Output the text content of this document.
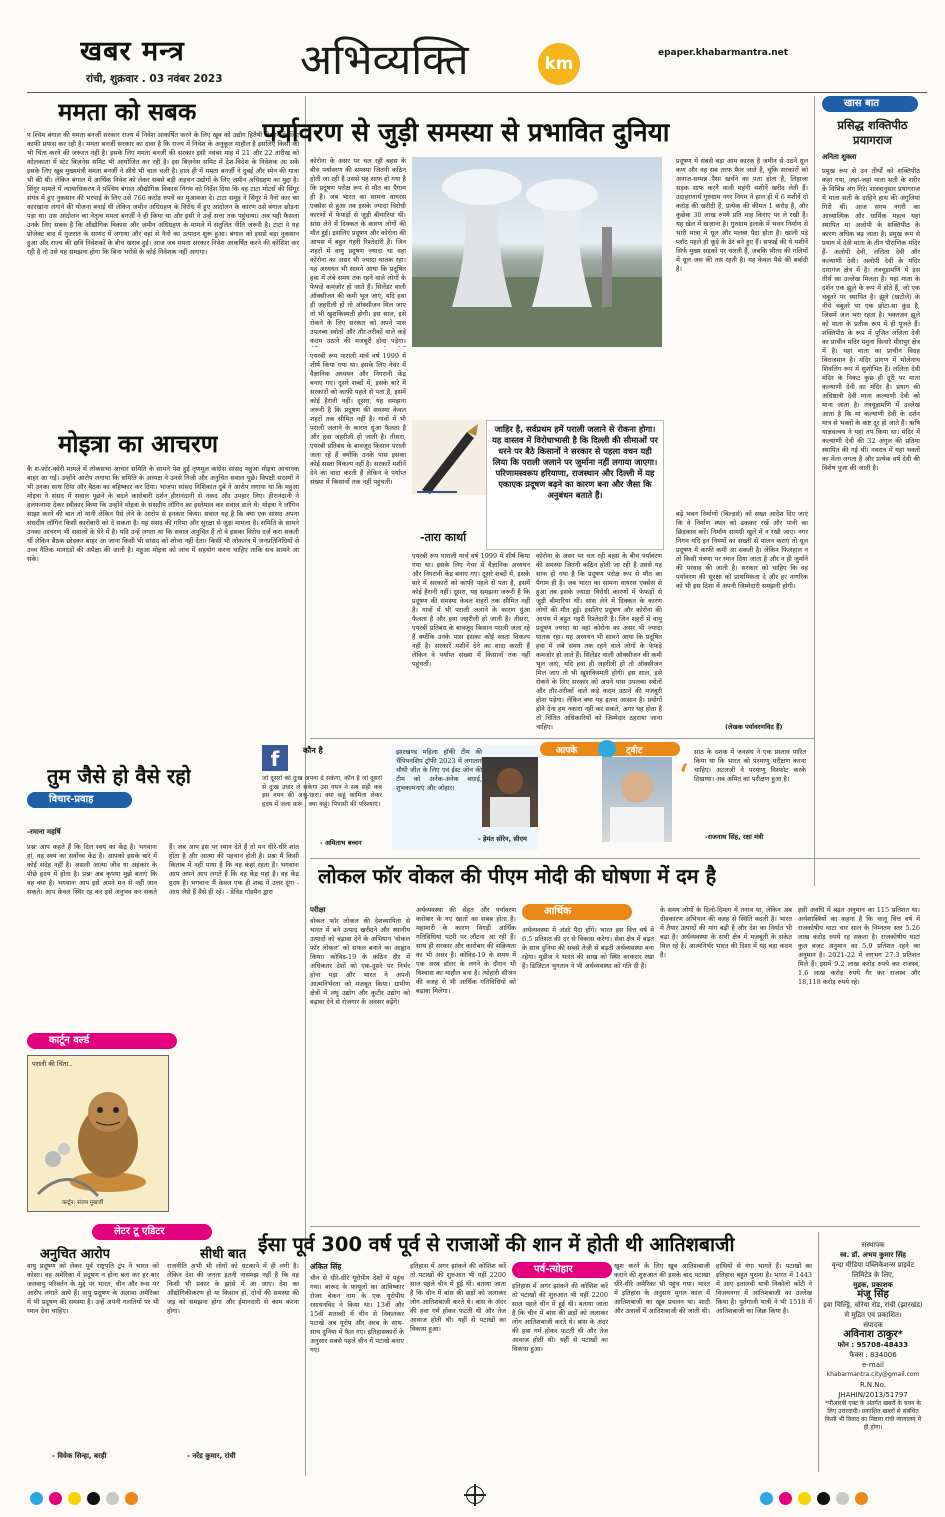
खबर मन्त्र
रांची, शुक्रवार . 03 नवंबर 2023 अभिव्यक्ति	km
epaper.khabarmantra.net
ममता को सबक
प श्चिम बंगाल की ममता बनर्जी सरकार राज्य में निवेश आकर्षित करने के लिए खूब को उद्योग हितैषी दिखाने के लिए काफी प्रयास कर रही है। ममता बनर्जी सरकार का दावा है कि राज्य में निवेश के अनुकूल माहौल है इसलिए किसी को भी चिंता करने की जरूरत नहीं है। इसके लिए ममता बनर्जी की सरकार इसी नवंबर माह में 21 और 22 तारीख को कोलकाता में स्टेट बिज़नेस समिट भी आयोजित कर रही है। इस बिज़नेस समिट में देश-विदेश के निवेशक आ सकें इसके लिए खूब मुख्यमंत्री ममता बनर्जी ने सीधे भी चाल चली है। हाल ही में ममता बनर्जी ने दुबई और स्पेन की यात्रा भी की थी। लेकिन बंगाल में आर्थिक निवेश को लेकर सबसे बड़ी अड़चन उद्योगों के लिए जमीन अधिग्रहण का मुद्दा है। सिंगूर मामले में न्यायाधिकरण ने पश्चिम बंगाल औद्योगिक विकास निगम को निर्देश दिया कि वह टाटा मोटर्स की सिंगूर संयंत्र में हुए नुकसान की भरपाई के लिए उसे 766 करोड़ रुपये का मुआवजा दे। टाटा समूह ने सिंगूर में नैनो कार का कारखाना लगाने की योजना बनाई थी लेकिन जमीन अधिग्रहण के विरोध में हुए आंदोलन के कारण उसे बंगाल छोड़ना पड़ा था। उस आंदोलन का नेतृत्व ममता बनर्जी ने ही किया था और इसी ने उन्हें सत्ता तक पहुंचाया। अब यही फैसला उनके लिए सबक है कि औद्योगिक विकास और जमीन अधिग्रहण के मामले में संतुलित नीति जरूरी है। टाटा ने यह प्रोजेक्ट बाद में गुजरात के साणंद में लगाया और वहां से नैनो का उत्पादन शुरू हुआ। बंगाल को इससे बड़ा नुकसान हुआ और राज्य की छवि निवेशकों के बीच खराब हुई। आज जब ममता सरकार निवेश आकर्षित करने की कोशिश कर रही है तो उसे यह समझना होगा कि बिना भरोसे के कोई निवेशक नहीं आएगा।
मोइत्रा का आचरण
कै श-फॉर-क्वेरी मामले में लोकसभा आचार समिति के सामने पेश हुईं तृणमूल कांग्रेस सांसद महुआ मोइत्रा आचानक बाहर आ गईं। उन्होंने आरोप लगाया कि समिति के अध्यक्ष ने उनसे निजी और अनुचित सवाल पूछे। विपक्षी सदस्यों ने भी उनका साथ दिया और बैठक का बहिष्कार कर दिया। भाजपा सांसद निशिकांत दुबे ने आरोप लगाया था कि महुआ मोइत्रा ने संसद में सवाल पूछने के बदले कारोबारी दर्शन हीरानंदानी से नकद और उपहार लिए। हीरानंदानी ने हलफनामा देकर स्वीकार किया कि उन्होंने मोइत्रा के संसदीय लॉगिन का इस्तेमाल कर सवाल डाले थे। मोइत्रा ने लॉगिन साझा करने की बात तो मानी लेकिन पैसे लेने के आरोप से इनकार किया। सवाल यह है कि क्या एक सांसद अपना संसदीय लॉगिन किसी कारोबारी को दे सकता है। यह संसद की गरिमा और सुरक्षा से जुड़ा मामला है। समिति के सामने उनका आचरण भी सवालों के घेरे में है। यदि उन्हें लगता था कि सवाल अनुचित हैं तो वे इसका विरोध दर्ज करा सकती थीं लेकिन बैठक छोड़कर बाहर आ जाना किसी भी सांसद को शोभा नहीं देता। किसी भी लोकतंत्र में जनप्रतिनिधियों से उच्च नैतिक मानदंडों की अपेक्षा की जाती है। महुआ मोइत्रा को जांच में सहयोग करना चाहिए ताकि सच सामने आ सके।
तुम जैसे हो वैसे रहो
विचार-प्रवाह
-रमाना महर्षि
प्रश्नः आप कहते हैं कि दिल स्वयं का केंद्र है। भगवानः हां, वह स्वयं का सर्वोच्च केंद्र है। आपको इसके बारे में कोई संदेह नहीं है। असली आत्मा जीव या अहंकार के पीछे हृदय में होता है। प्रश्नः अब कृपया मुझे बताएं कि वह क्या है। भगवानः आप इसे अपने मन से नहीं जान सकते। आप केवल स्थिर रह कर इसे अनुभव कर सकते हैं। जब आप इस पर ध्यान देते हैं तो मन धीरे-धीरे शांत होता है और आत्मा की पहचान होती है। प्रश्नः मैं किसी किताब में नहीं पाया है कि वह कहां रहता है। भगवानः आप अपने आप लगते हैं कि वह केंद्र यहां है। वह केंद्र हृदय है। भगवानः मैं केवल एक ही शब्द में उत्तर दूंगा - आप जैसे हैं वैसे ही रहें। - डेविड गॉडमैन द्वारा
कार्टून वर्ल्ड
पराली की चिंता..
कार्टून: संजय मुखर्जी
लेटर टू एडिटर
अनुचित आरोप
वायु प्रदूषण को लेकर पूर्व राष्ट्रपति ट्रंप ने भारत को कोसा। वह अमेरिका में प्रदूषण न होना बता कर हर बार जलवायु परिवर्तन के मुद्दे पर भारत, चीन और रूस पर आरोप लगाते आये हैं। वायु प्रदूषण के अलावा अमेरिका में भी प्रदूषण की समस्या है। उन्हें अपनी गलतियों पर भी ध्यान देना चाहिए।
- विवेक सिन्हा, बरही
सीधी बात
राजनीति अभी भी लोगों को धटकाने में ही लगी है। लेकिन देश की जनता इतनी नासमझ नहीं है कि वह किसी भी प्रकार के झांसे में आ जाए। देश का औद्योगिकीकरण हो या किसान हो, दोनों की समस्या की जड़ को समझना होगा और ईमानदारी से काम करना होगा।
- नरेंद्र कुमार, रांची
पर्यावरण से जुड़ी समस्या से प्रभावित दुनिया
कोरोना के असर पर चल रही बहस के बीच पर्यावरण की समस्या जितनी कठिन होती जा रही है उससे यह साफ हो गया है कि प्रदूषण परोक्ष रूप से मौत का पैगाम ही है। जब भारत का सामना वायरस एक्सेस से हुआ तब इसके ज्यादा विरोधी कारणों में फेफड़ों से जुड़ी बीमारियां थीं। सांस लेने में दिक्कत के कारण लोगों की मौत हुई। इसलिए प्रदूषण और कोरोना की आपस में बहुत गहरी रिश्तेदारी है। जिन शहरों में वायु प्रदूषण ज्यादा था वहां कोरोना का असर भी ज्यादा घातक रहा। यह अध्ययन भी सामने आया कि प्रदूषित हवा में लंबे समय तक रहने वाले लोगों के फेफड़े कमजोर हो जाते हैं। सिलेंडर वाली ऑक्सीजन की कमी भूल जाएं, यदि हवा ही जहरीली हो तो ऑक्सीजन मिल जाए तो भी खुशकिस्मती होगी। इस साल, इसे रोकने के लिए सरकार को अपने पास उपलब्ध स्त्रोतों और तौर-तरीकों वाले कड़े कदम उठाने की मजबूरी होना पड़ेगा।
एयरबी रूप पाराली मार्च वर्ष 1999 में शीर्ष किया गया था। इसके लिए नेचर में वैज्ञानिक अध्ययन और निगरानी केंद्र बनाए गए। दूसरे शब्दों में, इसके बारे में सरकारों को काफी पहले से पता है, इसमें कोई हैरानी नहीं। दूसरा, यह समझना जरूरी है कि प्रदूषण की समस्या केवल शहरों तक सीमित नहीं है। गांवों में भी पराली जलाने के कारण धुंआ फैलता है और हवा जहरीली हो जाती है। तीसरा, एयरबी प्रतिबंध के बावजूद किसान पराली जला रहे हैं क्योंकि उनके पास इसका कोई सस्ता विकल्प नहीं है। सरकारें मशीनें देने का वादा करती हैं लेकिन वे पर्याप्त संख्या में किसानों तक नहीं पहुंचतीं।
जाहिर है, सर्वप्रथम हमें पराली जलाने से रोकना होगा। यह वास्तव में विरोधाभासी है कि दिल्ली की सीमाओं पर धरने पर बैठे किसानों ने सरकार से पहला वचन यही लिया कि पराली जलाने पर जुर्माना नहीं लगाया जाएगा। परिणामस्वरूप हरियाणा, राजस्थान और दिल्ली में यह एकाएक प्रदूषण बढ़ने का कारण बना और जैसा कि अनुबंधन बताते हैं।
-तारा कार्था
एयरबी रूप पाराली मार्च वर्ष 1999 में शीर्ष किया गया था। इसके लिए नेचर में वैज्ञानिक अध्ययन और निगरानी केंद्र बनाए गए। दूसरे शब्दों में, इसके बारे में सरकारों को काफी पहले से पता है, इसमें कोई हैरानी नहीं। दूसरा, यह समझना जरूरी है कि प्रदूषण की समस्या केवल शहरों तक सीमित नहीं है। गांवों में भी पराली जलाने के कारण धुंआ फैलता है और हवा जहरीली हो जाती है। तीसरा, एयरबी प्रतिबंध के बावजूद किसान पराली जला रहे हैं क्योंकि उनके पास इसका कोई सस्ता विकल्प नहीं है। सरकारें मशीनें देने का वादा करती हैं लेकिन वे पर्याप्त संख्या में किसानों तक नहीं पहुंचतीं।
प्रदूषण में सबसे बड़ा आम कारक है जमीन से उठने धूल कण और वह सब तरफ फैल जाते हैं, चूंकि सरकारों को अनाज-सम्पन्न पैसा खर्चने का पता होता है, लिहाजा सड़क साफ करने वाली महंगी मशीनें खरीद लेती हैं। उदाहरणार्थ गुरुग्राम नगर निगम ने हाल ही में 6 मशीनें दो करोड़ की खरीदी हैं, प्रत्येक की कीमत 1 करोड़ है, और कुछेक 30 लाख रुपये प्रति माह किराए पर ले रखी हैं। यह खेल में खज़ाना है। गुरुग्राम इलाके में भवन निर्माण से भारी मात्रा में धूल और मलबा पैदा होता है। खाली पड़े प्लॉट पहले ही कूड़े के ढेर बने हुए हैं। सफाई की ये मशीनें सिर्फ मुख्य सड़कों पर चलती हैं, जबकि भीतर की गलियों में धूल जस की तस रहती है। यह केवल पैसे की बर्बादी है।
कोरोना के असर पर चल रही बहस के बीच पर्यावरण की समस्या जितनी कठिन होती जा रही है उससे यह साफ हो गया है कि प्रदूषण परोक्ष रूप से मौत का पैगाम ही है। जब भारत का सामना वायरस एक्सेस से हुआ तब इसके ज्यादा विरोधी कारणों में फेफड़ों से जुड़ी बीमारियां थीं। सांस लेने में दिक्कत के कारण लोगों की मौत हुई। इसलिए प्रदूषण और कोरोना की आपस में बहुत गहरी रिश्तेदारी है। जिन शहरों में वायु प्रदूषण ज्यादा था वहां कोरोना का असर भी ज्यादा घातक रहा। यह अध्ययन भी सामने आया कि प्रदूषित हवा में लंबे समय तक रहने वाले लोगों के फेफड़े कमजोर हो जाते हैं। सिलेंडर वाली ऑक्सीजन की कमी भूल जाएं, यदि हवा ही जहरीली हो तो ऑक्सीजन मिल जाए तो भी खुशकिस्मती होगी। इस साल, इसे रोकने के लिए सरकार को अपने पास उपलब्ध स्त्रोतों और तौर-तरीकों वाले कड़े कदम उठाने की मजबूरी होना पड़ेगा। लेकिन क्या यह इतना आसान है। प्रयोगों होने देना हम नकारा नहीं कर सकते, अगर यह होता है तो चिंतित अधिकारियों को जिम्मेदार ठहराया जाना चाहिए।
बढ़े भवन निर्माणों (बिल्डर्स) को सख्त आदेश दिए जाएं कि वे निर्माण स्थल को ढककर रखें और पानी का छिड़काव करें। निर्माण सामग्री खुले में न रखी जाए। नगर निगम यदि इन नियमों का सख्ती से पालन कराएं तो धूल प्रदूषण में काफी कमी आ सकती है। लेकिन फिलहाल न तो किसी यंत्रणा पर ध्यान दिया जाता है और न ही जुर्माने की परवाह की जाती है। सरकार को चाहिए कि वह पर्यावरण की सुरक्षा को प्राथमिकता दे और हर नागरिक को भी इस दिशा में अपनी जिम्मेदारी समझनी होगी।
(लेखक पर्यावरणविद हैं)
f	कौन है
जो दूसरों को दुःख अपना दे सकेगा, कौन है जो दूसरों से दुःख उधार ले सकेगा उस नयन ने सब सही कब इस नयन की अश्रु-धारा। क्या कहूं कामिता लेकर हृदय में जला करूं , क्या कहूं। पिपासी की परिश्याएं।
- अमिताभ बच्चन
आपके	ट्वीट
झारखण्ड महिला हॉकी टीम की चैंपियनशिप ट्रॉफी 2023 में लगातार चौथी जीत के लिए एवं ईस्ट जोन की टीम को अनेक-अनेक बधाई, शुभकामनाएं और जोहार।
- हेमंत सोरेन, सीएम
‘
साठ के दशक में जनसंघ ने एक प्रस्ताव पारित किया था कि भारत को परमाणु परीक्षण करना चाहिए। अटलजी ने परमाणु विस्फोट करके दिखाया। अब अमित का परीक्षण हुआ है।
-राजनाथ सिंह, रक्षा मंत्री
खास बात
प्रसिद्ध शक्तिपीठ प्रयागराज
अनिता शुक्ला
प्रमुख रूप से उन तीर्थों को शक्तिपीठ कहा गया, जहां-जहां माता सती के शरीर के विभिन्न अंग गिरे। शास्त्रानुसार प्रयागराज में माता सती के दाहिने हाथ की अंगुलियां गिरी थीं। आज संगम नगरी का आध्यात्मिक और धार्मिक महत्व यहां स्थापित मां अलोपी के शक्तिपीठ के कारण अधिक बढ़ जाता है। प्रमुख रूप से प्रयाग में देवी माता के तीन पौराणिक मंदिर हैं- अलोपी देवी, ललिता देवी और कल्याणी देवी। अलोपी देवी के मंदिर दारागंज क्षेत्र में है। तंत्रचूड़ामणि में इस तीर्थ का उल्लेख मिलता है। यहां माता के दर्शन एक झूले के रूप में होते हैं, जो एक चबूतरे पर स्थापित है। झूले (खटोले) के नीचे चबूतरे पर एक छोटा-सा कुंड है, जिसमें जल भरा रहता है। भक्तजन झूले को माता के प्रतीक रूप में ही पूजते हैं। शक्तिपीठ के रूप में पूजित ललिता देवी का प्राचीन मंदिर यमुना किनारे मीरापुर क्षेत्र में है। यहां माता का प्राचीन विग्रह विराजमान है। मंदिर प्रांगण में भोलेनाथ शिवलिंग रूप में सुशोभित हैं। ललिता देवी मंदिर के निकट कुछ ही दूरी पर माता कल्याणी देवी का मंदिर है। प्रयाग की अधिष्ठात्री देवी माता कल्याणी देवी को माना जाता है। तंत्रचूड़ामणि में उल्लेख आता है कि मां कल्याणी देवी के दर्शन मात्र से भक्तों के कष्ट दूर हो जाते हैं। ऋषि याज्ञवल्क्य ने यहां तप किया था। मंदिर में कल्याणी देवी की 32 अंगुल की प्रतिमा स्थापित की गई थी। नवरात्र में यहां भक्तों का मेला लगता है और प्रत्येक वर्ष देवी की विशेष पूजा की जाती है।
लोकल फॉर वोकल की पीएम मोदी की घोषणा में दम है
परीक्षा
वोकल फॉर लोकल की देशव्यापिता से भारत में बने उत्पाद खरीदने और स्थानीय उत्पादों को बढ़ावा देने के अभियान 'वोकल फॉर लोकल' को सफल बनाने का आह्वान किया। कोविड-19 के कठिन दौर में अधिकतर देशों को एक-दूसरे पर निर्भर होना पड़ा और भारत ने अपनी आत्मनिर्भरता को मजबूत किया। ग्रामीण क्षेत्रों में लघु उद्योग और कुटीर उद्योग को बढ़ावा देने से रोजगार के अवसर बढ़ेंगे।
अर्थव्यवस्था की सेहत और पर्यावरण करोबार के नए खातों का सबब होता है। महामारी के कारण विगड़ी आर्थिक गतिविधियां पटरी पर लौटना आ रही हैं। साथ ही सरकार और कारोबार की सक्रियता का भी असर है। कोविड-19 के समय में एक अरब डॉलर के लगने के दौरान भी विश्वास का माहौल बना है। त्योहारी सीजन की वजह से भी आर्थिक गतिविधियों को बढ़ावा मिलेगा।
आर्थिक
अर्थव्यवस्था में अंडरे पैदा होंगे। भारत इस वित्त वर्ष में 6.5 प्रतिशत की दर से विकास करेगा। सेवा क्षेत्र में बढ़त के साथ दुनिया की सबसे तेजी से बढ़ती अर्थव्यवस्था बना रहेगा। मूडीज ने भारत की साख को स्थिर बरकरार रखा है। डिजिटल भुगतान ने भी अर्थव्यवस्था को गति दी है।
के समय लोगों के दिलो-दिमाग में तनाव था, लेकिन अब दीवकारण अभियान की वजह से स्थिति बदली है। भारत में तैयार उत्पादों की मांग बढ़ी है और देश का निर्यात भी बढ़ा है। अर्थव्यवस्था के सभी क्षेत्र में मजबूती के संकेत मिल रहे हैं। आत्मनिर्भर भारत की दिशा में यह बड़ा कदम है।
इसी अवधि में बढ़त अनुमान का 115 प्रतिशत था। अर्थशास्त्रियों का कहना है कि चालू वित्त वर्ष में राजकोषीय घाटा चार साल के निम्नतम स्तर 5.26 लाख करोड़ रुपये रह सकता है। राजकोषीय घाटा कुल बजट अनुमान का 5.9 प्रतिशत रहने का अनुमान है। 2021-22 में लगभग 27.3 प्रतिशत मिले हैं। इसमें 9.2 लाख करोड़ रुपये कर राजस्व, 1.6 लाख करोड़ रुपये गैर कर राजस्व और 18,118 करोड़ रुपये रहे।
ईसा पूर्व 300 वर्ष पूर्व से राजाओं की शान में होती थी आतिशबाजी
अंकित सिंह
चीन से धीरे-धीरे यूरोपीय देशों में पहुंच गया। बारूद के फायूलों का आविष्कार रोजर बेकन नाम के एक यूरोपीय रसायनविद ने किया था। 13वीं और 15वीं शताब्दी में चीन से निकलकर पटाखे अब यूरोप और अरब के साथ-साथ दुनिया में फैल गए। इतिहासकारों के अनुसार सबसे पहले चीन में पटाखे बनाए गए।
इतिहास में अगर झांकने की कोशिश करें तो पटाखों की शुरुआत भी यहीं 2200 साल पहले चीन में हुई थी। बताया जाता है कि चीन में बांस की छड़ों को जलाकर लोग आतिशबाजी करते थे। बांस के अंदर की हवा गर्म होकर फटती थी और तेज आवाज होती थी। यहीं से पटाखों का विकास हुआ।
पर्व-त्योहार
इतिहास में अगर झांकने की कोशिश करें तो पटाखों की शुरुआत भी यहीं 2200 साल पहले चीन में हुई थी। बताया जाता है कि चीन में बांस की छड़ों को जलाकर लोग आतिशबाजी करते थे। बांस के अंदर की हवा गर्म होकर फटती थी और तेज आवाज होती थी। यहीं से पटाखों का विकास हुआ।
खुश करने के लिए खूब आतिशबाजी कराने की शुरुआत की इसके बाद पटाखा धीरे-धीरे अमेरिका भी पहुंच गया। भारत में इतिहास के अनुसार मुगल काल में आतिशबाजी का खूब प्रचलन था। शादी और उत्सवों में आतिशबाजी की जाती थी।
हाथियों से नंगा भागते हैं। पटाखों का इतिहास बहुत पुराना है। भारत में 1443 में आए इतालवी यात्री निकोलो कोंटी ने विजयनगर में आतिशबाजी का उल्लेख किया है। पुर्तगाली यात्री ने भी 1518 में आतिशबाजी का जिक्र किया है।
संस्थापक
स्व. डॉ. अभय कुमार सिंह
वृन्दा मीडिया पब्लिकेशन्स प्राइवेट लिमिटेड के लिए,
मुद्रक, प्रकाशक
मंजू सिंह
इवा चिल्ड्रिं, चोरेया रोड, रांची (झारखंड) से मुद्रित एवं प्रकाशित।
संपादक
अविनाश ठाकुर*
फोन : 95708-48433
फैक्स : 834006
e-mail
khabarmantra.city@gmail.com
R.N.No.
JHAHIN/2013/51797
*पीआरबी एक्ट के अंतर्गत खबरों के चयन के लिए उत्तरदायी। प्रकाशित खबरों से संबंधित किसी भी विवाद का निष्टारा रांची न्यायालय में ही होगा।
